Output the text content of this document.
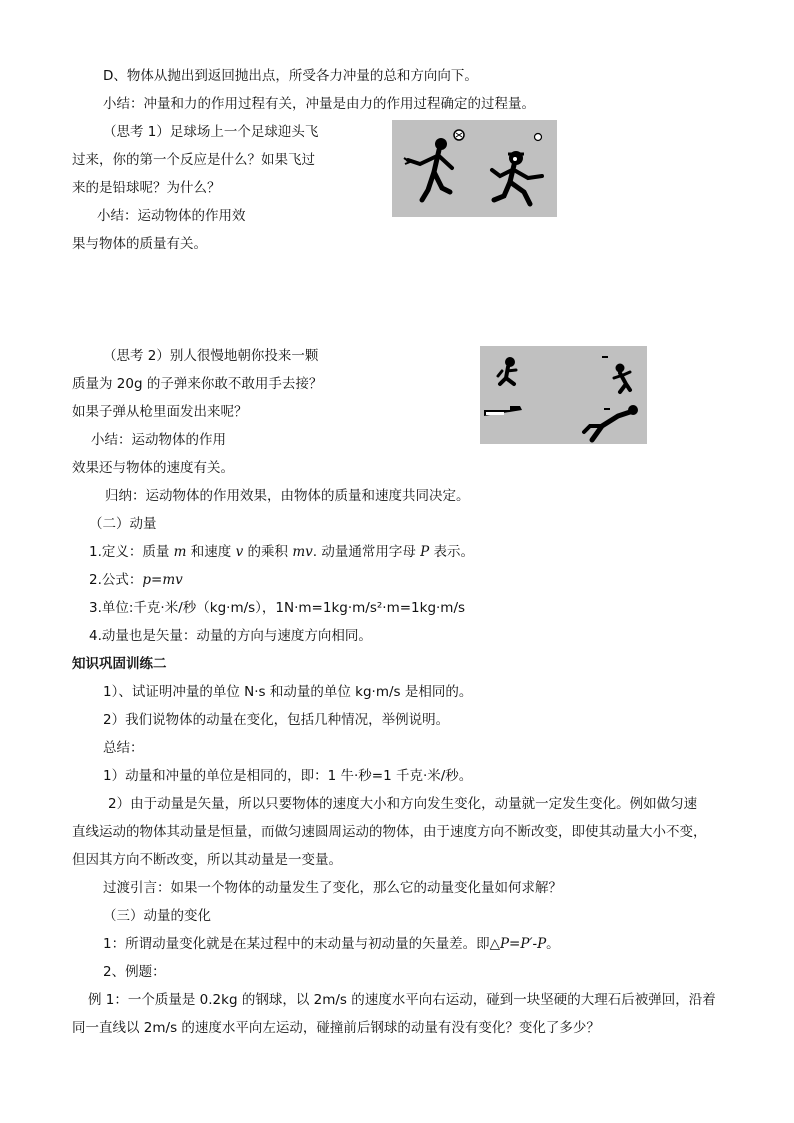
D、物体从抛出到返回抛出点，所受各力冲量的总和方向向下。
小结：冲量和力的作用过程有关，冲量是由力的作用过程确定的过程量。
（思考 1）足球场上一个足球迎头飞
过来，你的第一个反应是什么？如果飞过
来的是铅球呢？为什么？
小结：运动物体的作用效
果与物体的质量有关。
（思考 2）别人很慢地朝你投来一颗
质量为 20g 的子弹来你敢不敢用手去接？
如果子弹从枪里面发出来呢？
小结：运动物体的作用
效果还与物体的速度有关。
归纳：运动物体的作用效果，由物体的质量和速度共同决定。
（二）动量
1.定义：质量 m 和速度 v 的乘积 mv. 动量通常用字母 P 表示。
2.公式：p=mv
3.单位:千克·米/秒（kg·m/s），1N·m=1kg·m/s²·m=1kg·m/s
4.动量也是矢量：动量的方向与速度方向相同。
知识巩固训练二
1）、试证明冲量的单位 N·s 和动量的单位 kg·m/s 是相同的。
2）我们说物体的动量在变化，包括几种情况，举例说明。
总结：
1）动量和冲量的单位是相同的，即：1 牛·秒=1 千克·米/秒。
2）由于动量是矢量，所以只要物体的速度大小和方向发生变化，动量就一定发生变化。例如做匀速
直线运动的物体其动量是恒量，而做匀速圆周运动的物体，由于速度方向不断改变，即使其动量大小不变，
但因其方向不断改变，所以其动量是一变量。
过渡引言：如果一个物体的动量发生了变化，那么它的动量变化量如何求解？
（三）动量的变化
1：所谓动量变化就是在某过程中的末动量与初动量的矢量差。即△P=P′-P。
2、例题：
例 1：一个质量是 0.2kg 的钢球，以 2m/s 的速度水平向右运动，碰到一块坚硬的大理石后被弹回，沿着
同一直线以 2m/s 的速度水平向左运动，碰撞前后钢球的动量有没有变化？变化了多少？
